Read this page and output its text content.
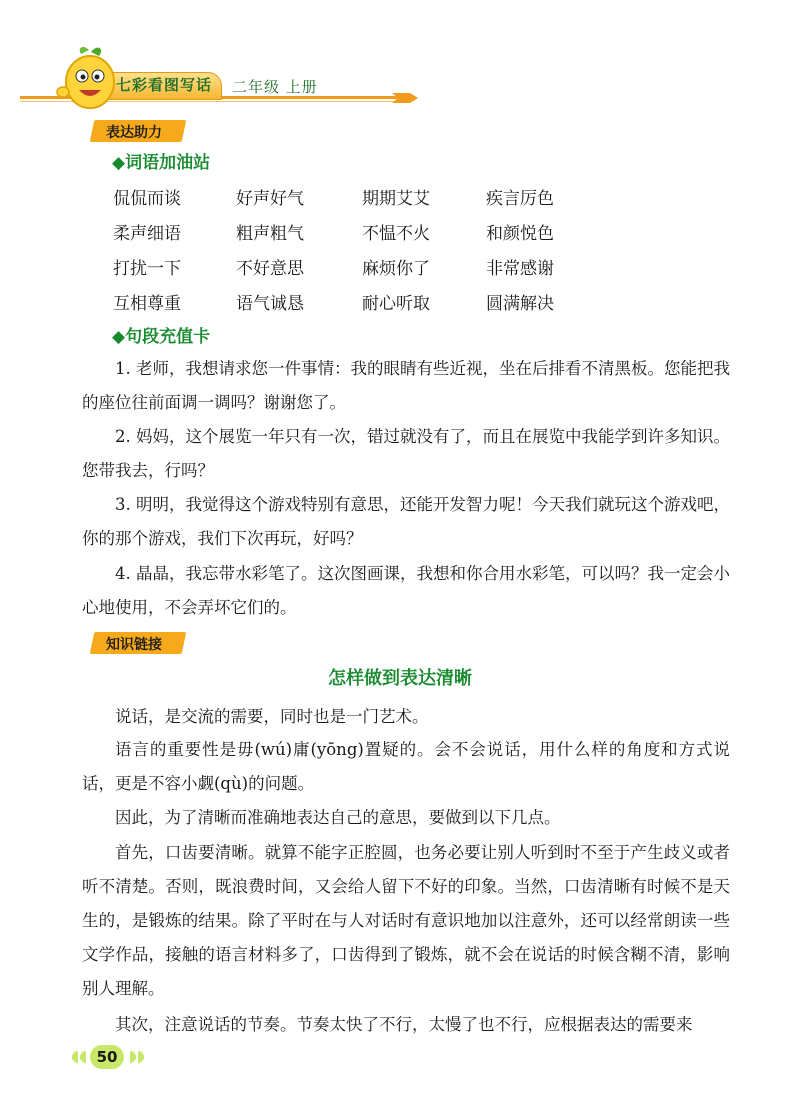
七彩看图写话 二年级 上册
表达助力
◆词语加油站
侃侃而谈	好声好气	期期艾艾	疾言厉色
柔声细语	粗声粗气	不愠不火	和颜悦色
打扰一下	不好意思	麻烦你了	非常感谢
互相尊重	语气诚恳	耐心听取	圆满解决
◆句段充值卡

1. 老师，我想请求您一件事情：我的眼睛有些近视，坐在后排看不清黑板。您能把我的座位往前面调一调吗？谢谢您了。

2. 妈妈，这个展览一年只有一次，错过就没有了，而且在展览中我能学到许多知识。您带我去，行吗？

3. 明明，我觉得这个游戏特别有意思，还能开发智力呢！今天我们就玩这个游戏吧，你的那个游戏，我们下次再玩，好吗？

4. 晶晶，我忘带水彩笔了。这次图画课，我想和你合用水彩笔，可以吗？我一定会小心地使用，不会弄坏它们的。

知识链接
怎样做到表达清晰

说话，是交流的需要，同时也是一门艺术。

语言的重要性是毋(wú)庸(yōng)置疑的。会不会说话，用什么样的角度和方式说话，更是不容小觑(qù)的问题。

因此，为了清晰而准确地表达自己的意思，要做到以下几点。

首先，口齿要清晰。就算不能字正腔圆，也务必要让别人听到时不至于产生歧义或者听不清楚。否则，既浪费时间，又会给人留下不好的印象。当然，口齿清晰有时候不是天生的，是锻炼的结果。除了平时在与人对话时有意识地加以注意外，还可以经常朗读一些文学作品，接触的语言材料多了，口齿得到了锻炼，就不会在说话的时候含糊不清，影响别人理解。

其次，注意说话的节奏。节奏太快了不行，太慢了也不行，应根据表达的需要来

50
